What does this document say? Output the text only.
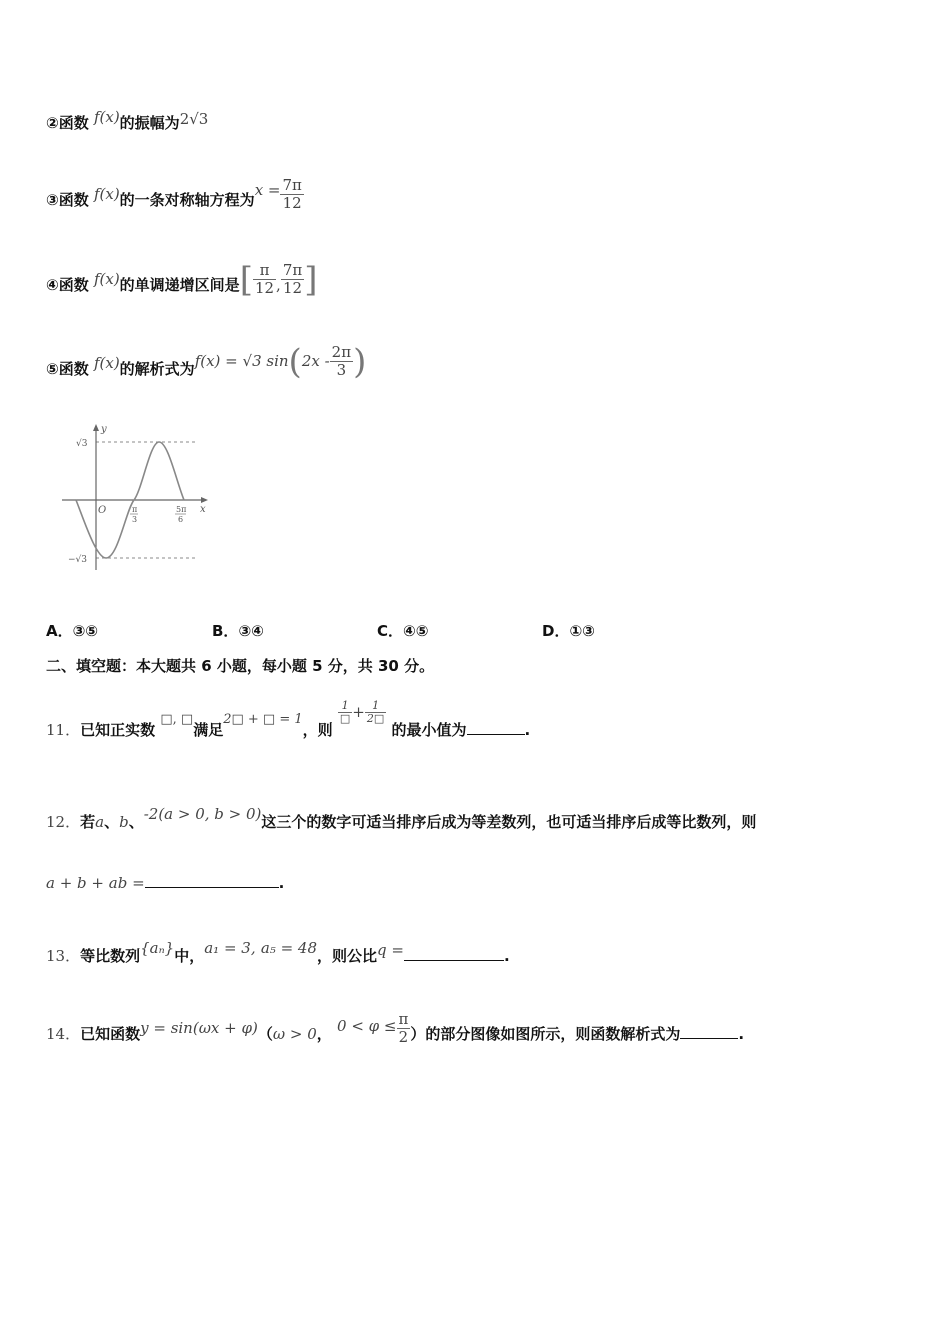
②函数 f(x)的振幅为2√3
③函数 f(x)的一条对称轴方程为$x = \frac{7\pi}{12}$
④函数 f(x)的单调递增区间是[ $\frac{\pi}{12}$ , $\frac{7\pi}{12}$ ]
⑤函数 f(x)的解析式为f(x) = √3 $\sin(2x - \frac{2\pi}{3}$ )
y
x
O
√3
−√3
π
3
5π
6
A．③⑤	B．③④	C．④⑤	D．①③
二、填空题：本大题共 6 小题，每小题 5 分，共 30 分。
11．已知正实数 □, □满足2□ + □ = 1，则
$\frac{1}{□} + \frac{1}{2□}$
的最小值为	.
12．若a、b、-2(a > 0, b > 0)这三个的数字可适当排序后成为等差数列，也可适当排序后成等比数列，则
a + b + ab =	.
13．等比数列{aₙ}中，a₁ = 3, a₅ = 48，则公比q =	.
14．已知函数y = sin(ωx + φ)（ω > 0， $0 < \varphi \le \frac{\pi}{2}$ ）的部分图像如图所示，则函数解析式为	.
